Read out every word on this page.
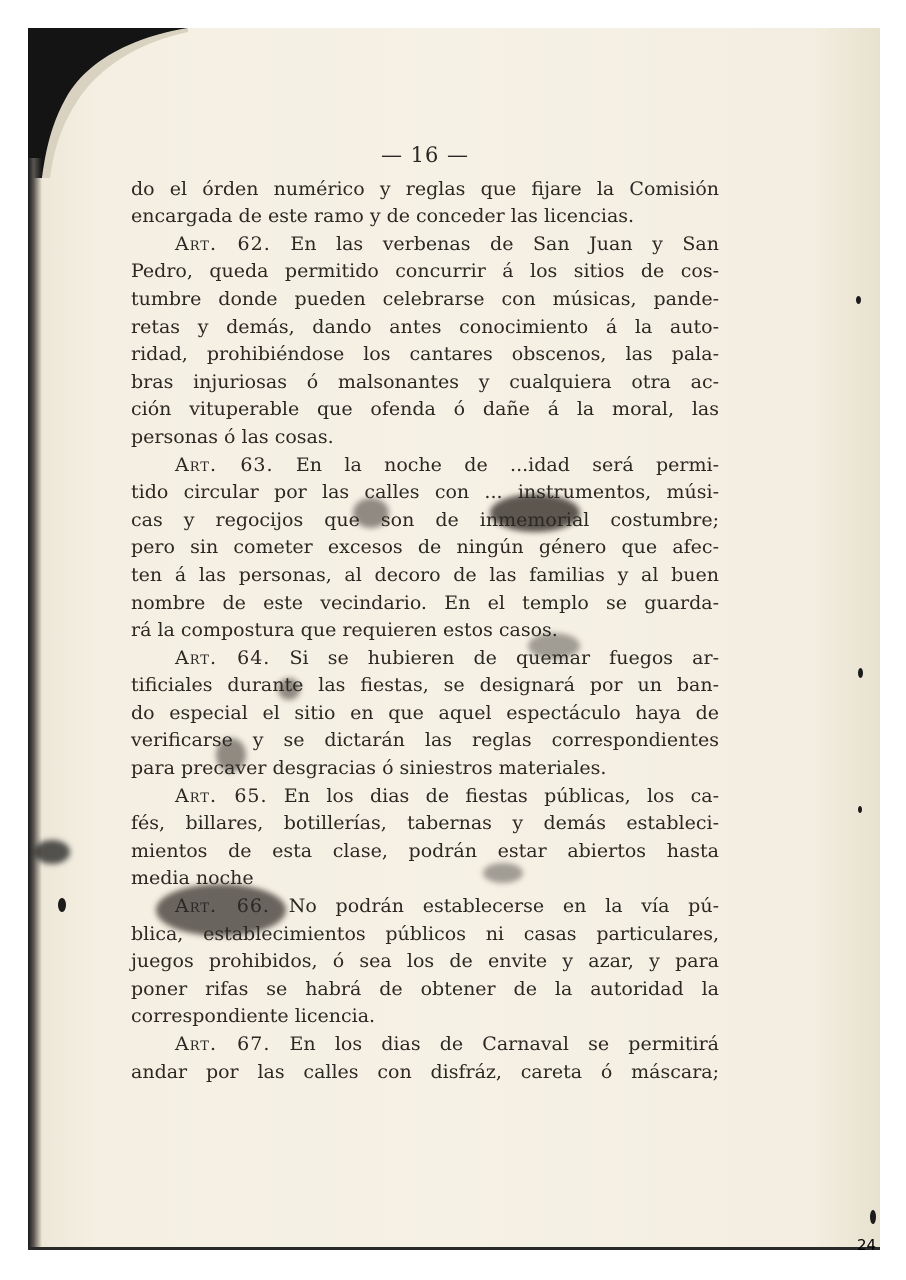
— 16 —
do el órden numérico y reglas que fijare la Comisión
encargada de este ramo y de conceder las licencias.
Art. 62. En las verbenas de San Juan y San
Pedro, queda permitido concurrir á los sitios de cos-
tumbre donde pueden celebrarse con músicas, pande-
retas y demás, dando antes conocimiento á la auto-
ridad, prohibiéndose los cantares obscenos, las pala-
bras injuriosas ó malsonantes y cualquiera otra ac-
ción vituperable que ofenda ó dañe á la moral, las
personas ó las cosas.
Art. 63. En la noche de ...idad será permi-
tido circular por las calles con ... instrumentos, músi-
cas y regocijos que son de inmemorial costumbre;
pero sin cometer excesos de ningún género que afec-
ten á las personas, al decoro de las familias y al buen
nombre de este vecindario. En el templo se guarda-
rá la compostura que requieren estos casos.
Art. 64. Si se hubieren de quemar fuegos ar-
tificiales durante las fiestas, se designará por un ban-
do especial el sitio en que aquel espectáculo haya de
verificarse y se dictarán las reglas correspondientes
para precaver desgracias ó siniestros materiales.
Art. 65. En los dias de fiestas públicas, los ca-
fés, billares, botillerías, tabernas y demás estableci-
mientos de esta clase, podrán estar abiertos hasta
media noche
Art. 66. No podrán establecerse en la vía pú-
blica, establecimientos públicos ni casas particulares,
juegos prohibidos, ó sea los de envite y azar, y para
poner rifas se habrá de obtener de la autoridad la
correspondiente licencia.
Art. 67. En los dias de Carnaval se permitirá
andar por las calles con disfráz, careta ó máscara;
24
